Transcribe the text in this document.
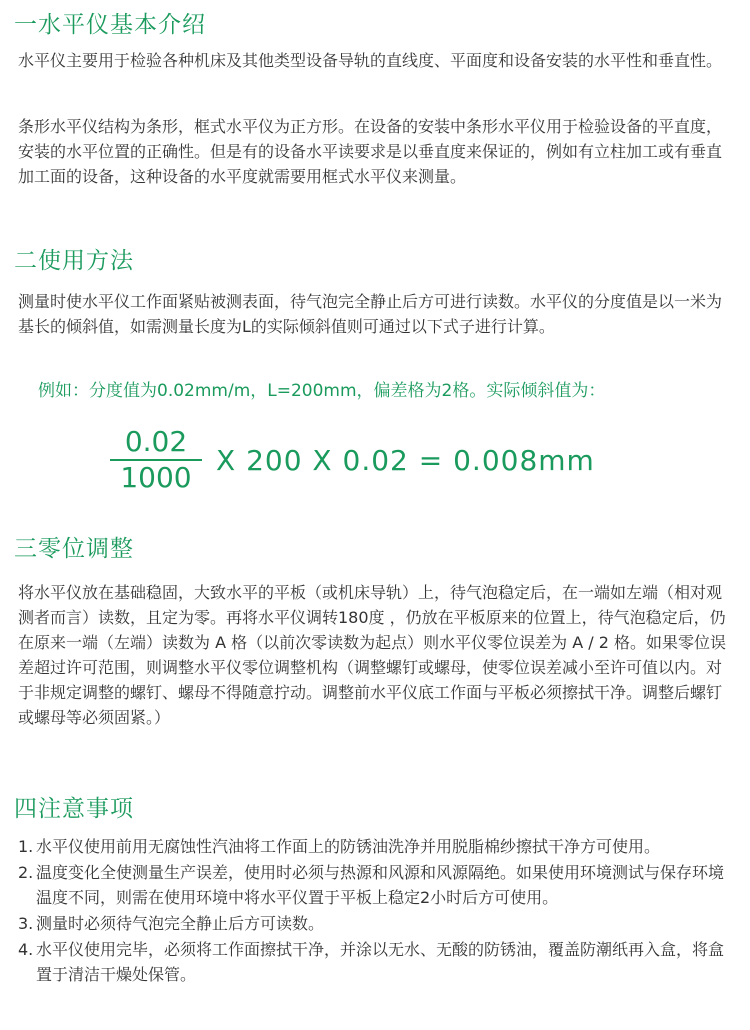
一水平仪基本介绍

水平仪主要用于检验各种机床及其他类型设备导轨的直线度、平面度和设备安装的水平性和垂直性。

条形水平仪结构为条形，框式水平仪为正方形。在设备的安装中条形水平仪用于检验设备的平直度，安装的水平位置的正确性。但是有的设备水平读要求是以垂直度来保证的，例如有立柱加工或有垂直加工面的设备，这种设备的水平度就需要用框式水平仪来测量。

二使用方法

测量时使水平仪工作面紧贴被测表面，待气泡完全静止后方可进行读数。水平仪的分度值是以一米为基长的倾斜值，如需测量长度为L的实际倾斜值则可通过以下式子进行计算。

例如：分度值为0.02mm/m，L=200mm，偏差格为2格。实际倾斜值为：

$\frac{0.02}{1000}$ X 200 X 0.02 = 0.008mm
三零位调整

将水平仪放在基础稳固，大致水平的平板（或机床导轨）上，待气泡稳定后，在一端如左端（相对观测者而言）读数，且定为零。再将水平仪调转180度 ，仍放在平板原来的位置上，待气泡稳定后，仍在原来一端（左端）读数为 A 格（以前次零读数为起点）则水平仪零位误差为 A / 2 格。如果零位误差超过许可范围，则调整水平仪零位调整机构（调整螺钉或螺母，使零位误差减小至许可值以内。对于非规定调整的螺钉、螺母不得随意拧动。调整前水平仪底工作面与平板必须擦拭干净。调整后螺钉或螺母等必须固紧。）

四注意事项
1. 水平仪使用前用无腐蚀性汽油将工作面上的防锈油洗净并用脱脂棉纱擦拭干净方可使用。
2. 温度变化全使测量生产误差，使用时必须与热源和风源和风源隔绝。如果使用环境测试与保存环境温度不同，则需在使用环境中将水平仪置于平板上稳定2小时后方可使用。
3. 测量时必须待气泡完全静止后方可读数。
4. 水平仪使用完毕，必须将工作面擦拭干净，并涂以无水、无酸的防锈油，覆盖防潮纸再入盒，将盒置于清洁干燥处保管。
